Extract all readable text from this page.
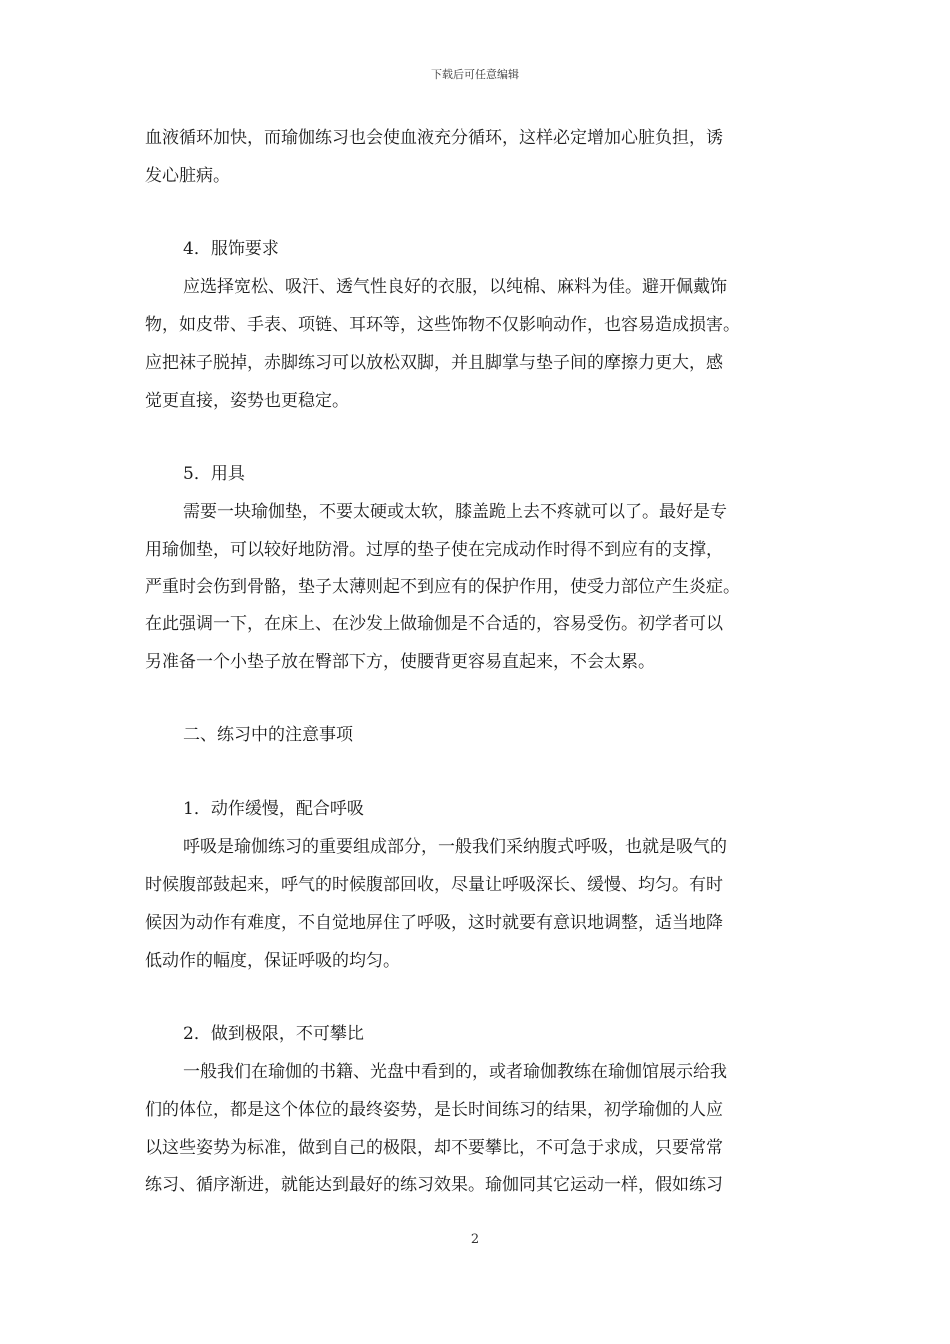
下载后可任意编辑
血液循环加快，而瑜伽练习也会使血液充分循环，这样必定增加心脏负担，诱
发心脏病。
4．服饰要求
应选择宽松、吸汗、透气性良好的衣服，以纯棉、麻料为佳。避开佩戴饰
物，如皮带、手表、项链、耳环等，这些饰物不仅影响动作，也容易造成损害。
应把袜子脱掉，赤脚练习可以放松双脚，并且脚掌与垫子间的摩擦力更大，感
觉更直接，姿势也更稳定。
5．用具
需要一块瑜伽垫，不要太硬或太软，膝盖跪上去不疼就可以了。最好是专
用瑜伽垫，可以较好地防滑。过厚的垫子使在完成动作时得不到应有的支撑，
严重时会伤到骨骼，垫子太薄则起不到应有的保护作用，使受力部位产生炎症。
在此强调一下，在床上、在沙发上做瑜伽是不合适的，容易受伤。初学者可以
另准备一个小垫子放在臀部下方，使腰背更容易直起来，不会太累。
二、练习中的注意事项
1．动作缓慢，配合呼吸
呼吸是瑜伽练习的重要组成部分，一般我们采纳腹式呼吸，也就是吸气的
时候腹部鼓起来，呼气的时候腹部回收，尽量让呼吸深长、缓慢、均匀。有时
候因为动作有难度，不自觉地屏住了呼吸，这时就要有意识地调整，适当地降
低动作的幅度，保证呼吸的均匀。
2．做到极限，不可攀比
一般我们在瑜伽的书籍、光盘中看到的，或者瑜伽教练在瑜伽馆展示给我
们的体位，都是这个体位的最终姿势，是长时间练习的结果，初学瑜伽的人应
以这些姿势为标准，做到自己的极限，却不要攀比，不可急于求成，只要常常
练习、循序渐进，就能达到最好的练习效果。瑜伽同其它运动一样，假如练习
2
